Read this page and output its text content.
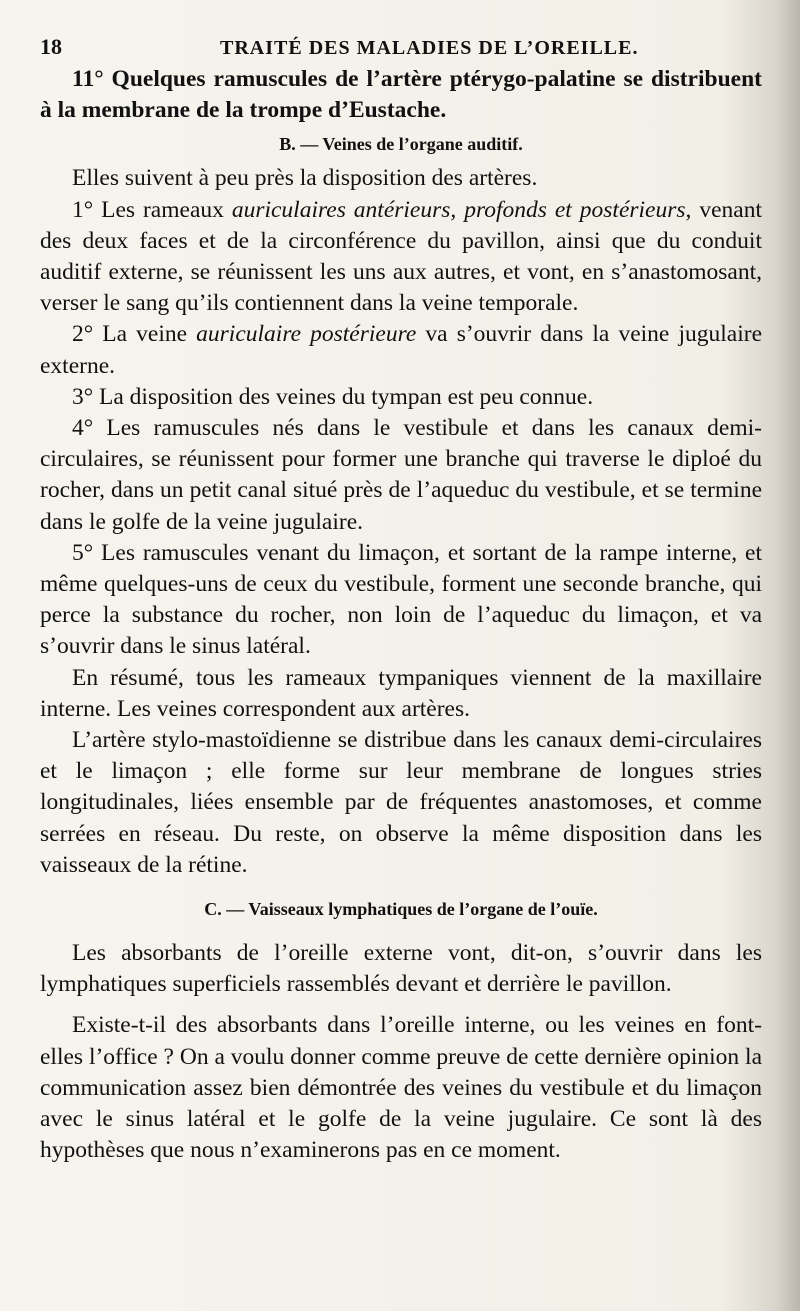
18	TRAITÉ DES MALADIES DE L’OREILLE.

11° Quelques ramuscules de l’artère ptérygo-palatine se distribuent à la membrane de la trompe d’Eustache.

B. — Veines de l’organe auditif.

Elles suivent à peu près la disposition des artères.

1° Les rameaux auriculaires antérieurs, profonds et postérieurs, venant des deux faces et de la circonférence du pavillon, ainsi que du conduit auditif externe, se réunissent les uns aux autres, et vont, en s’anastomosant, verser le sang qu’ils contiennent dans la veine temporale.

2° La veine auriculaire postérieure va s’ouvrir dans la veine jugulaire externe.

3° La disposition des veines du tympan est peu connue.

4° Les ramuscules nés dans le vestibule et dans les canaux demi-circulaires, se réunissent pour former une branche qui traverse le diploé du rocher, dans un petit canal situé près de l’aqueduc du vestibule, et se termine dans le golfe de la veine jugulaire.

5° Les ramuscules venant du limaçon, et sortant de la rampe interne, et même quelques-uns de ceux du vestibule, forment une seconde branche, qui perce la substance du rocher, non loin de l’aqueduc du limaçon, et va s’ouvrir dans le sinus latéral.

En résumé, tous les rameaux tympaniques viennent de la maxillaire interne. Les veines correspondent aux artères.

L’artère stylo-mastoïdienne se distribue dans les canaux demi-circulaires et le limaçon ; elle forme sur leur membrane de longues stries longitudinales, liées ensemble par de fréquentes anastomoses, et comme serrées en réseau. Du reste, on observe la même disposition dans les vaisseaux de la rétine.

C. — Vaisseaux lymphatiques de l’organe de l’ouïe.

Les absorbants de l’oreille externe vont, dit-on, s’ouvrir dans les lymphatiques superficiels rassemblés devant et derrière le pavillon.

Existe-t-il des absorbants dans l’oreille interne, ou les veines en font-elles l’office ? On a voulu donner comme preuve de cette dernière opinion la communication assez bien démontrée des veines du vestibule et du limaçon avec le sinus latéral et le golfe de la veine jugulaire. Ce sont là des hypothèses que nous n’examinerons pas en ce moment.
